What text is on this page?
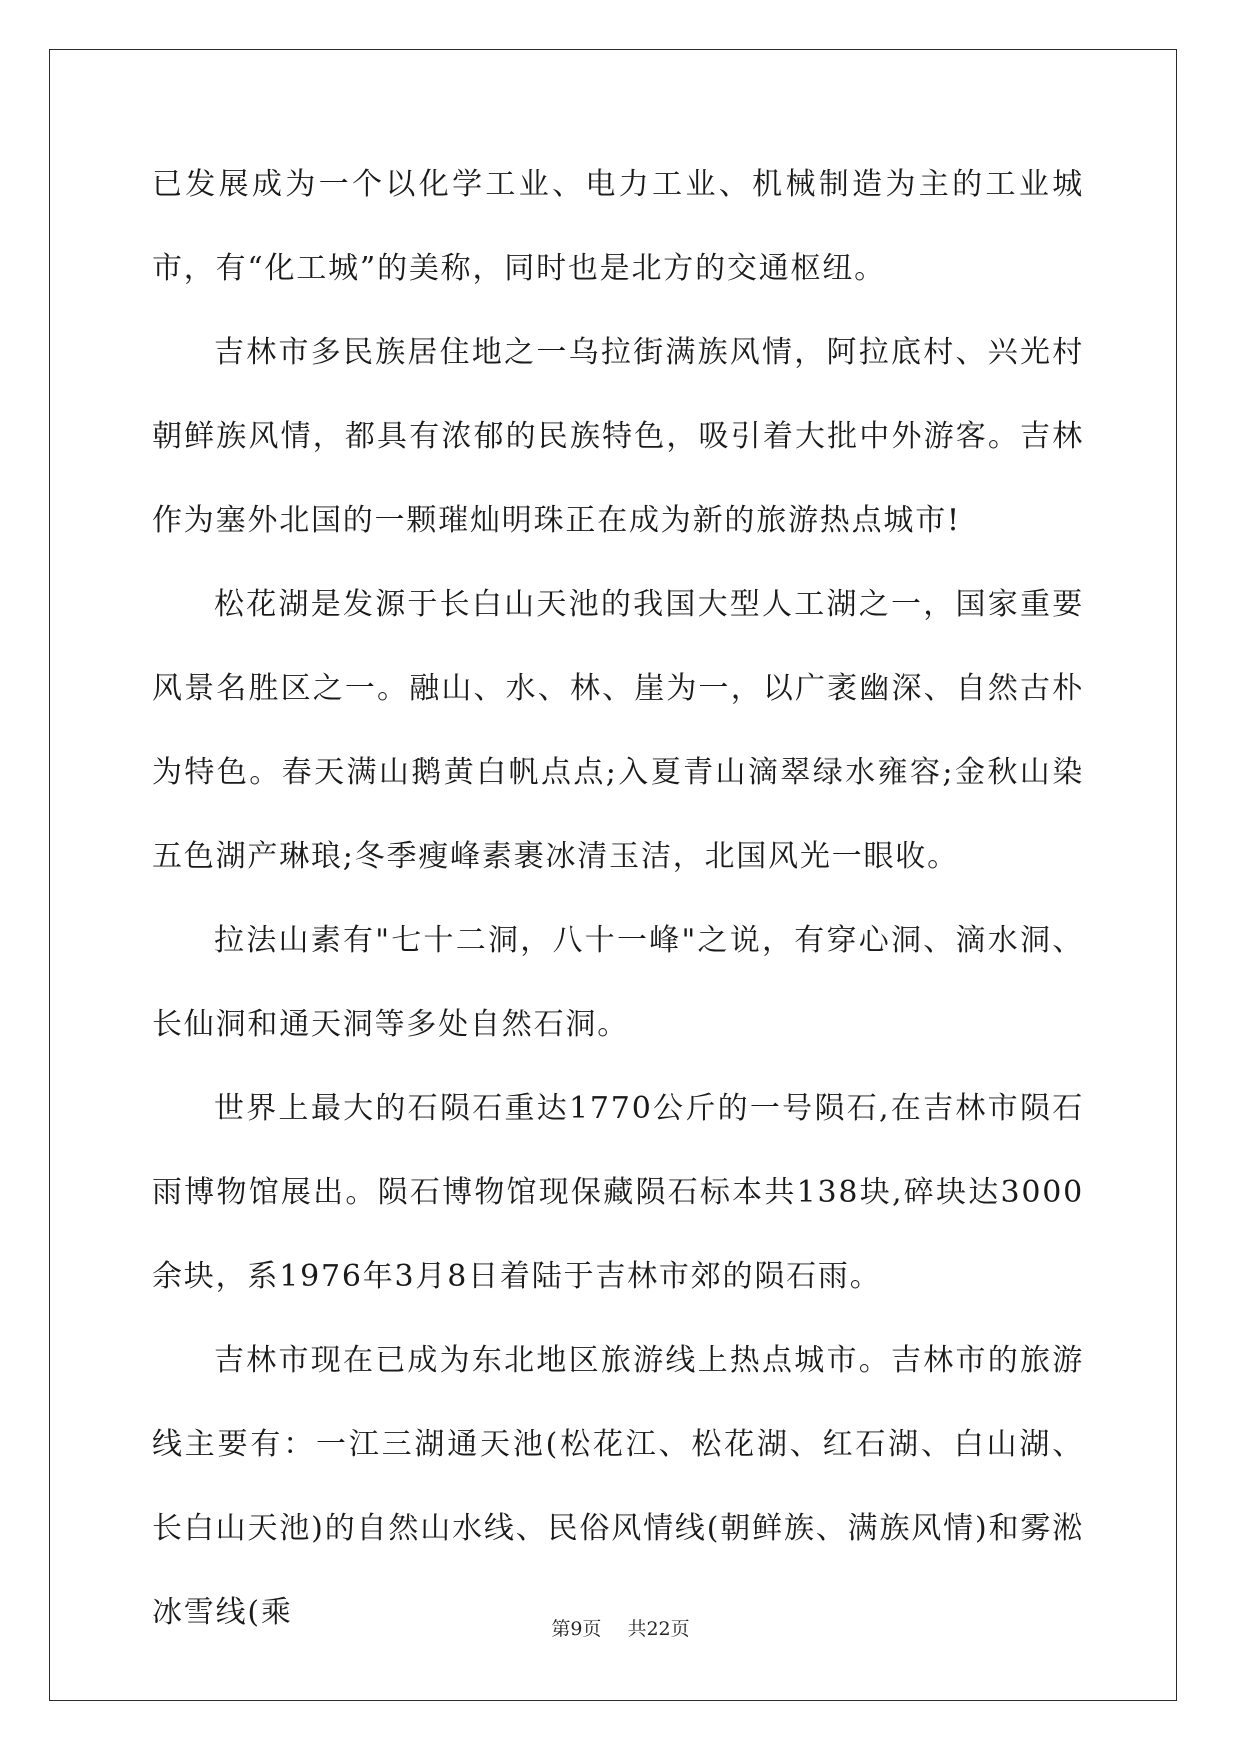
已发展成为一个以化学工业、电力工业、机械制造为主的工业城市，有“化工城”的美称，同时也是北方的交通枢纽。

吉林市多民族居住地之一乌拉街满族风情，阿拉底村、兴光村朝鲜族风情，都具有浓郁的民族特色，吸引着大批中外游客。吉林作为塞外北国的一颗璀灿明珠正在成为新的旅游热点城市!

松花湖是发源于长白山天池的我国大型人工湖之一，国家重要风景名胜区之一。融山、水、林、崖为一，以广袤幽深、自然古朴为特色。春天满山鹅黄白帆点点;入夏青山滴翠绿水雍容;金秋山染五色湖产琳琅;冬季瘦峰素裹冰清玉洁，北国风光一眼收。

拉法山素有"七十二洞，八十一峰"之说，有穿心洞、滴水洞、长仙洞和通天洞等多处自然石洞。

世界上最大的石陨石重达1770公斤的一号陨石,在吉林市陨石雨博物馆展出。陨石博物馆现保藏陨石标本共138块,碎块达3000余块，系1976年3月8日着陆于吉林市郊的陨石雨。

吉林市现在已成为东北地区旅游线上热点城市。吉林市的旅游线主要有：一江三湖通天池(松花江、松花湖、红石湖、白山湖、长白山天池)的自然山水线、民俗风情线(朝鲜族、满族风情)和雾淞冰雪线(乘	第9页 共22页
